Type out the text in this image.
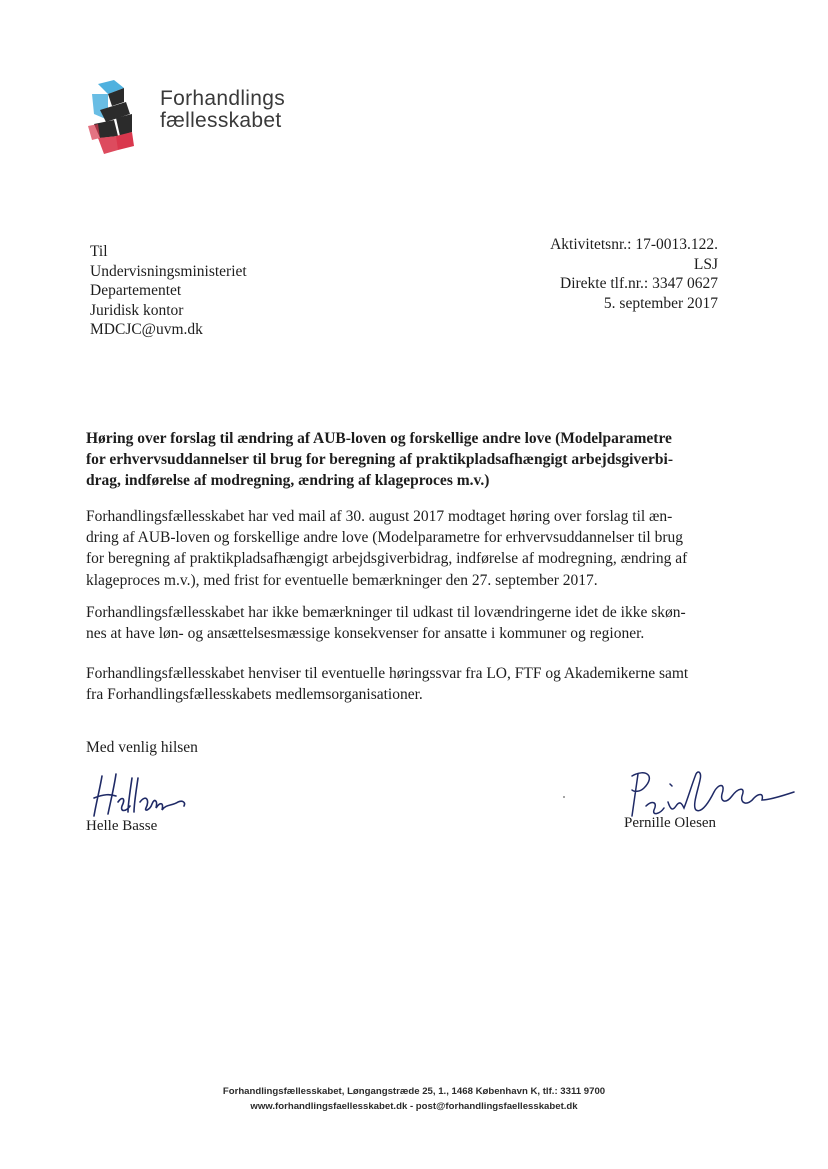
Forhandlings
fællesskabet
Til
Undervisningsministeriet
Departementet
Juridisk kontor
MDCJC@uvm.dk
Aktivitetsnr.: 17-0013.122.
LSJ
Direkte tlf.nr.: 3347 0627
5. september 2017
Høring over forslag til ændring af AUB-loven og forskellige andre love (Modelparametre
for erhvervsuddannelser til brug for beregning af praktikpladsafhængigt arbejdsgiverbi-
drag, indførelse af modregning, ændring af klageproces m.v.)
Forhandlingsfællesskabet har ved mail af 30. august 2017 modtaget høring over forslag til æn-
dring af AUB-loven og forskellige andre love (Modelparametre for erhvervsuddannelser til brug
for beregning af praktikpladsafhængigt arbejdsgiverbidrag, indførelse af modregning, ændring af
klageproces m.v.), med frist for eventuelle bemærkninger den 27. september 2017.
Forhandlingsfællesskabet har ikke bemærkninger til udkast til lovændringerne idet de ikke skøn-
nes at have løn- og ansættelsesmæssige konsekvenser for ansatte i kommuner og regioner.
Forhandlingsfællesskabet henviser til eventuelle høringssvar fra LO, FTF og Akademikerne samt
fra Forhandlingsfællesskabets medlemsorganisationer.
Med venlig hilsen
Helle Basse	Pernille Olesen
Forhandlingsfællesskabet, Løngangstræde 25, 1., 1468 København K, tlf.: 3311 9700
www.forhandlingsfaellesskabet.dk - post@forhandlingsfaellesskabet.dk
